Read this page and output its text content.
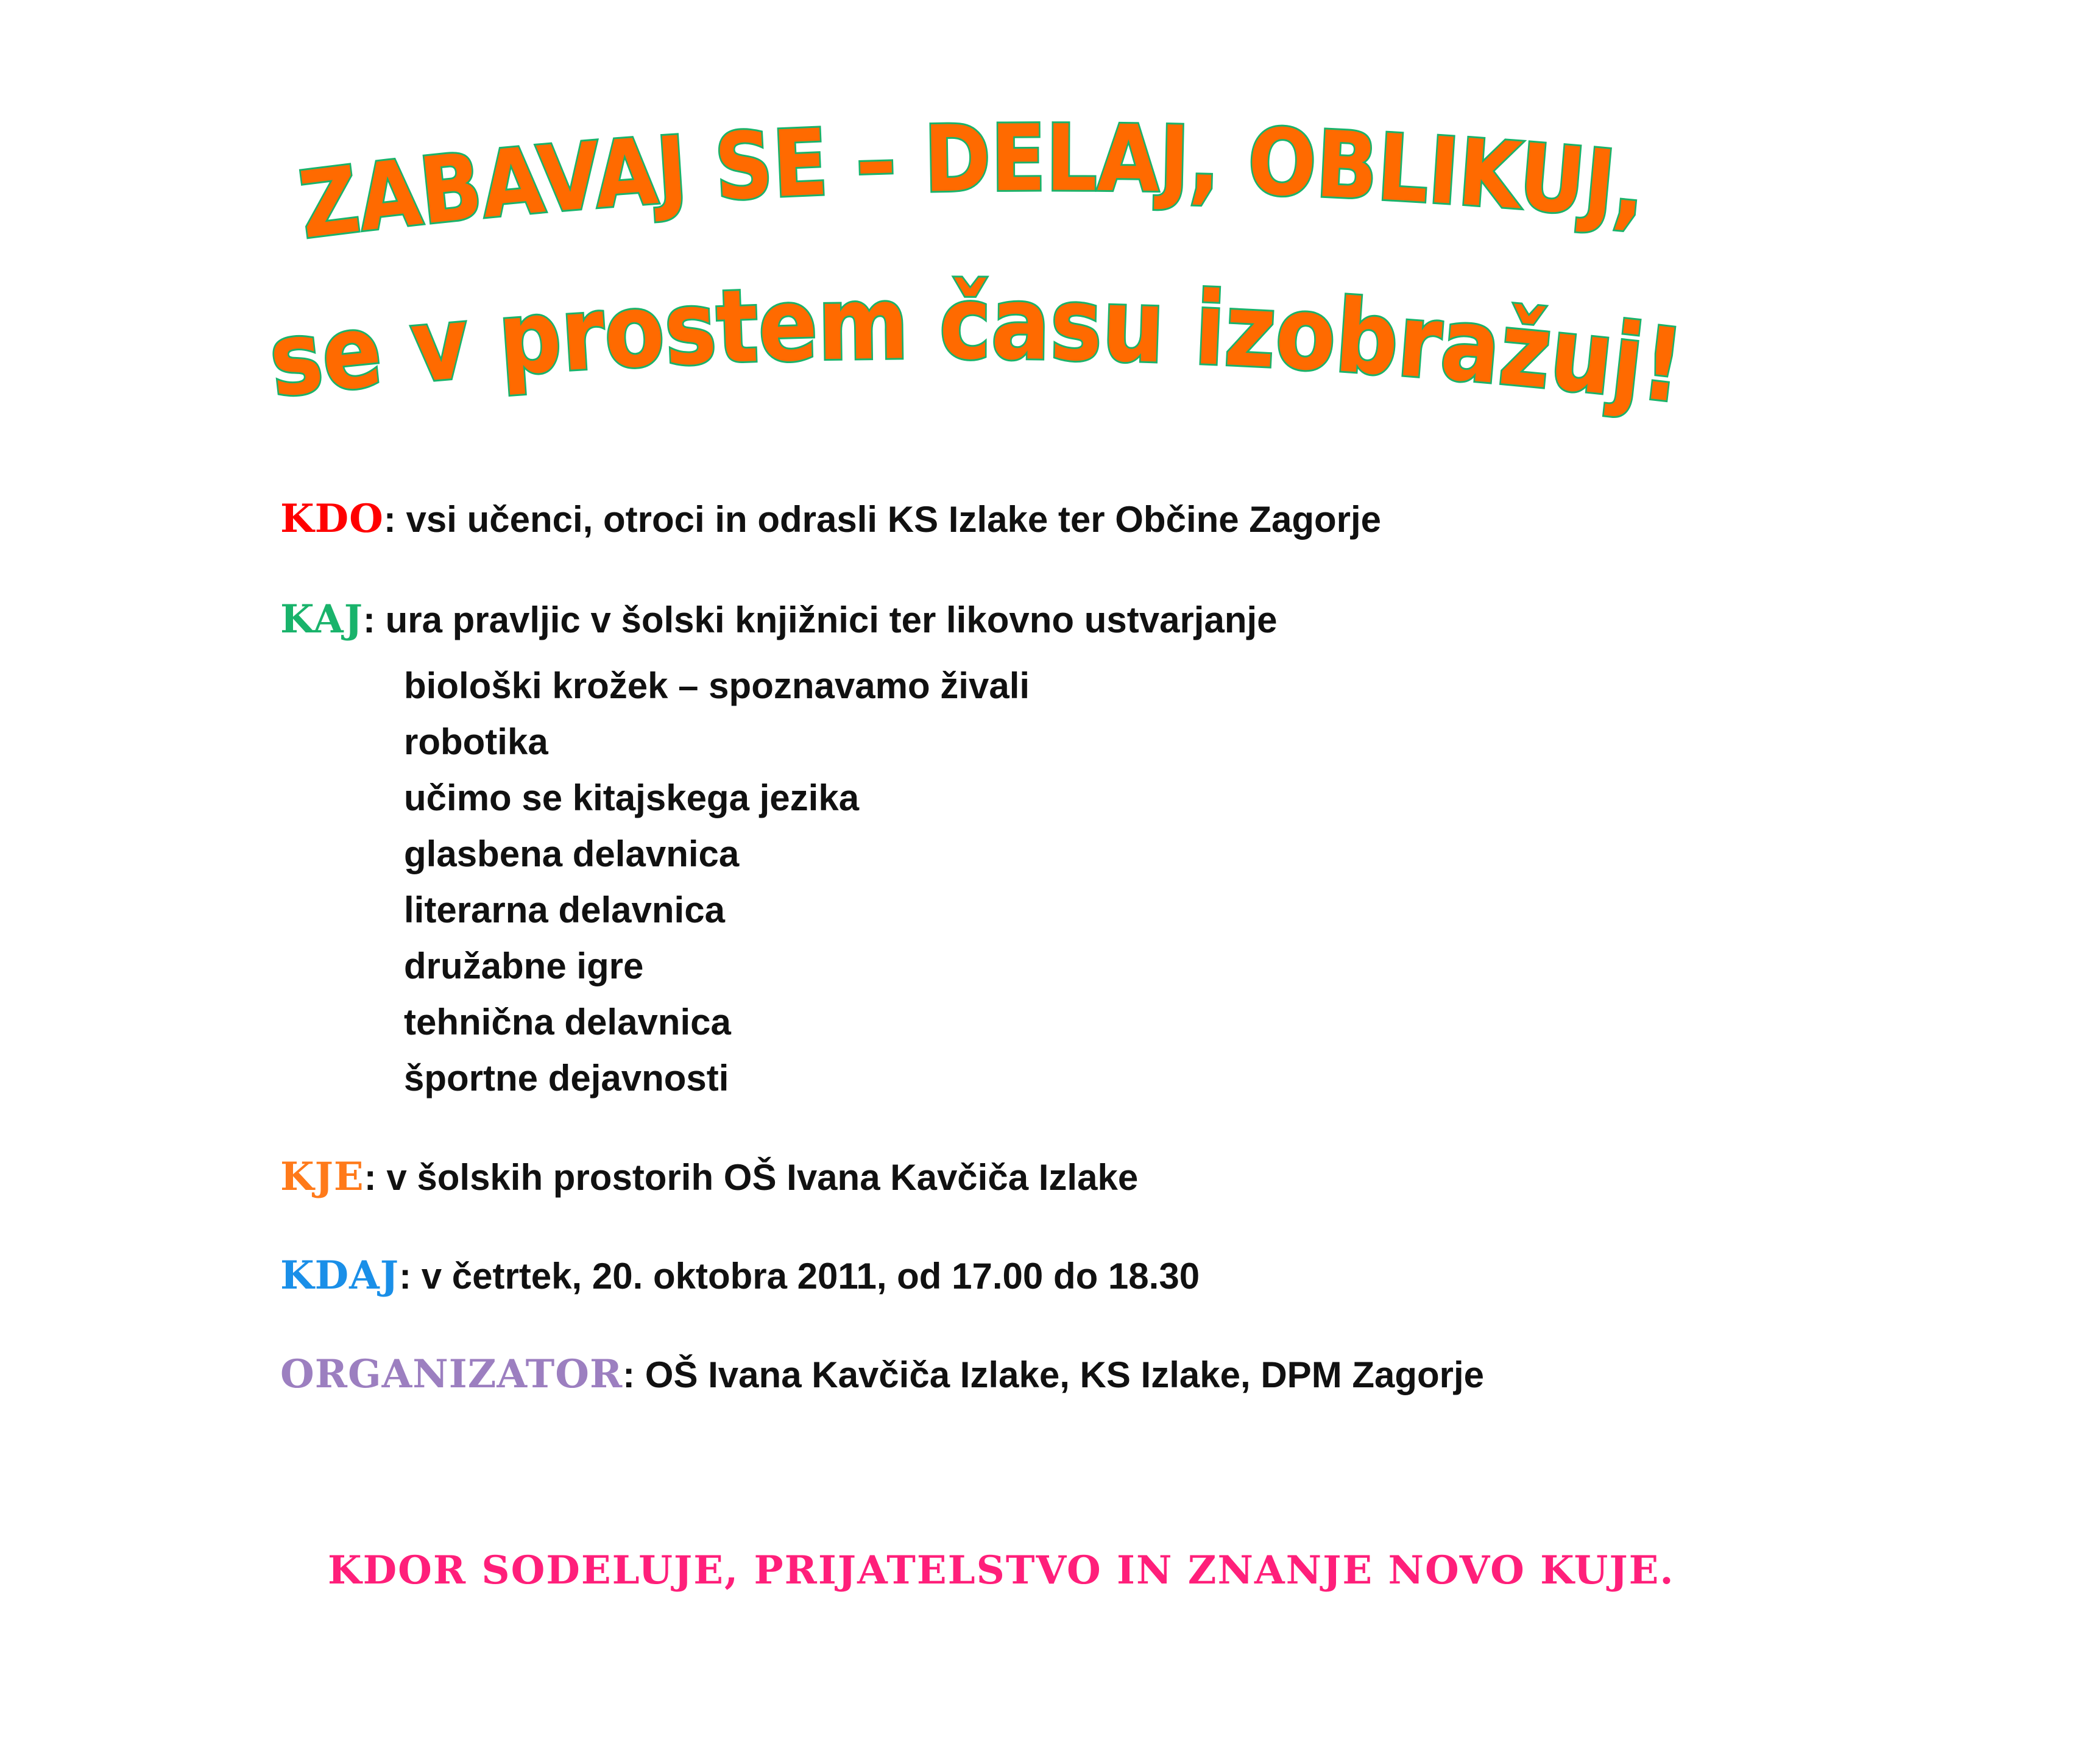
ZABAVAJ SE – DELAJ, OBLIKUJ,
se v prostem času izobražuj!
KDO: vsi učenci, otroci in odrasli KS Izlake ter Občine Zagorje
KAJ: ura pravljic v šolski knjižnici ter likovno ustvarjanje
biološki krožek – spoznavamo živali
robotika
učimo se kitajskega jezika
glasbena delavnica
literarna delavnica
družabne igre
tehnična delavnica
športne dejavnosti
KJE: v šolskih prostorih OŠ Ivana Kavčiča Izlake
KDAJ: v četrtek, 20. oktobra 2011, od 17.00 do 18.30
ORGANIZATOR: OŠ Ivana Kavčiča Izlake, KS Izlake, DPM Zagorje
KDOR SODELUJE, PRIJATELSTVO IN ZNANJE NOVO KUJE.
